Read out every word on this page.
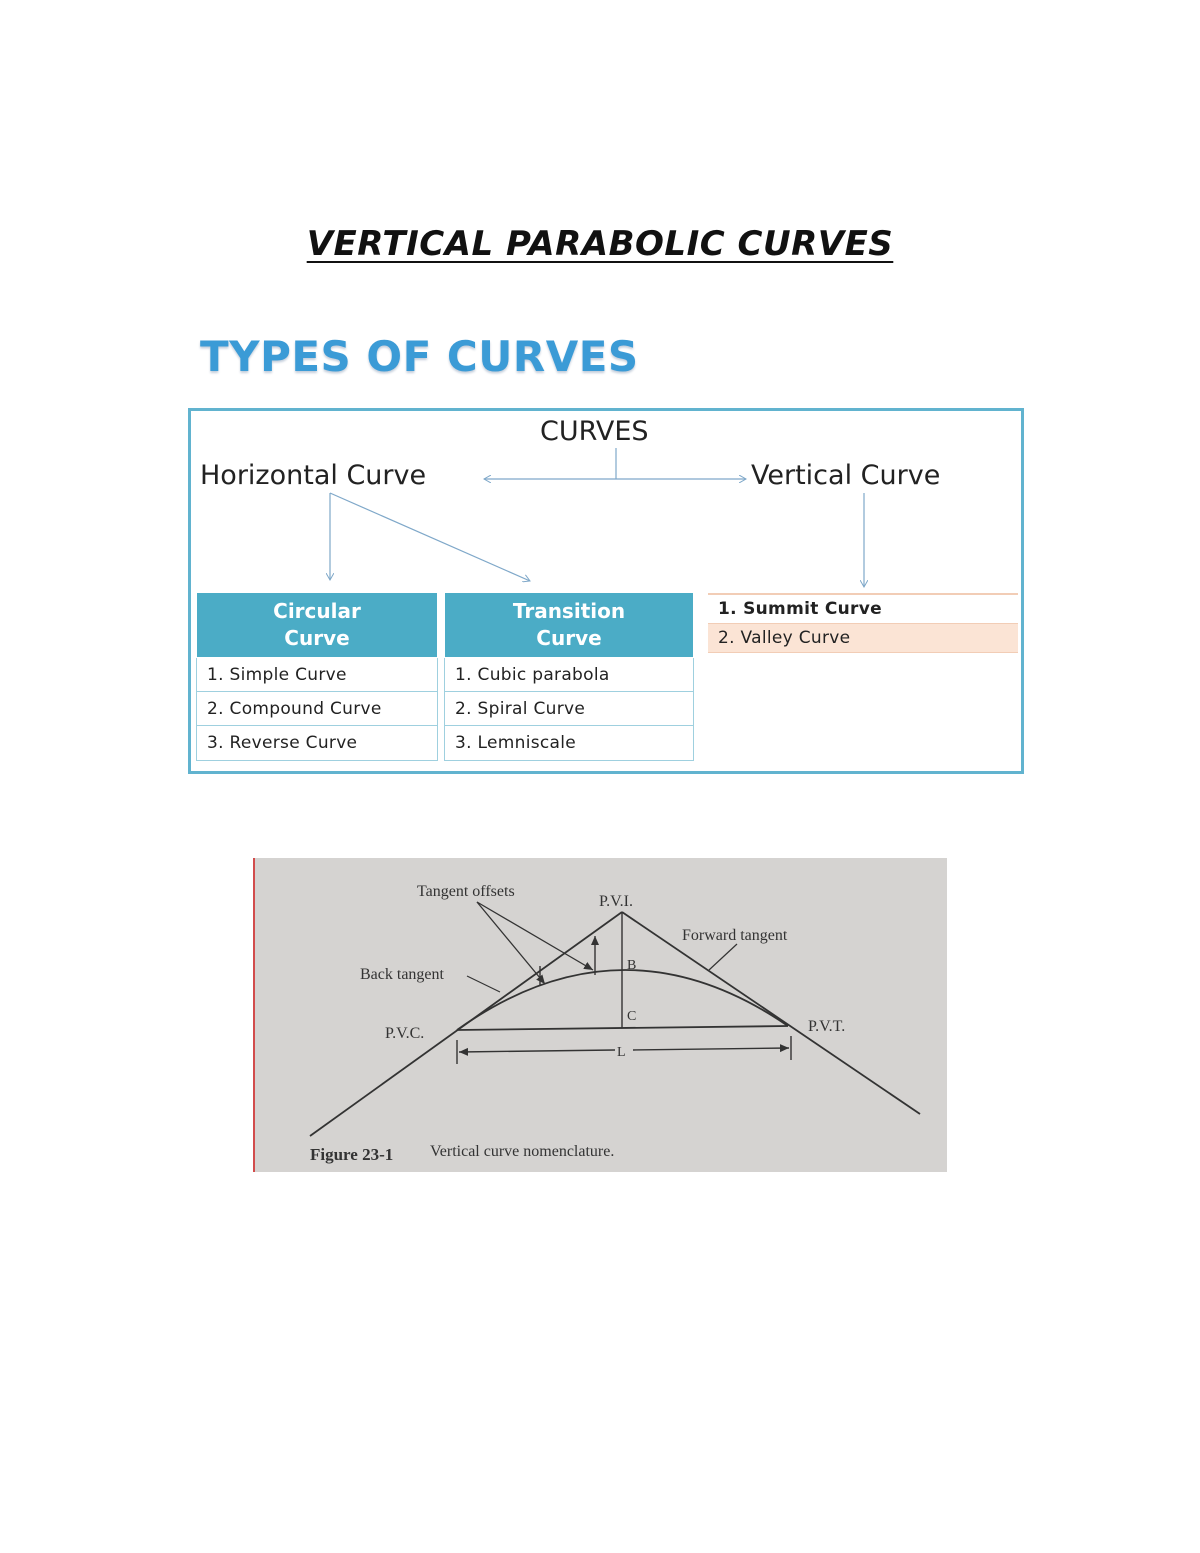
VERTICAL PARABOLIC CURVES
TYPES OF CURVES
CURVES
Horizontal Curve	Vertical Curve
Circular
Curve
1. Simple Curve
2. Compound Curve
3. Reverse Curve
Transition
Curve
1. Cubic parabola
2. Spiral Curve
3. Lemniscale
1. Summit Curve
2. Valley Curve
Tangent offsets
P.V.I.
Forward tangent
Back tangent
B
C
P.V.C.	P.V.T.
L
Figure 23-1 Vertical curve nomenclature.
